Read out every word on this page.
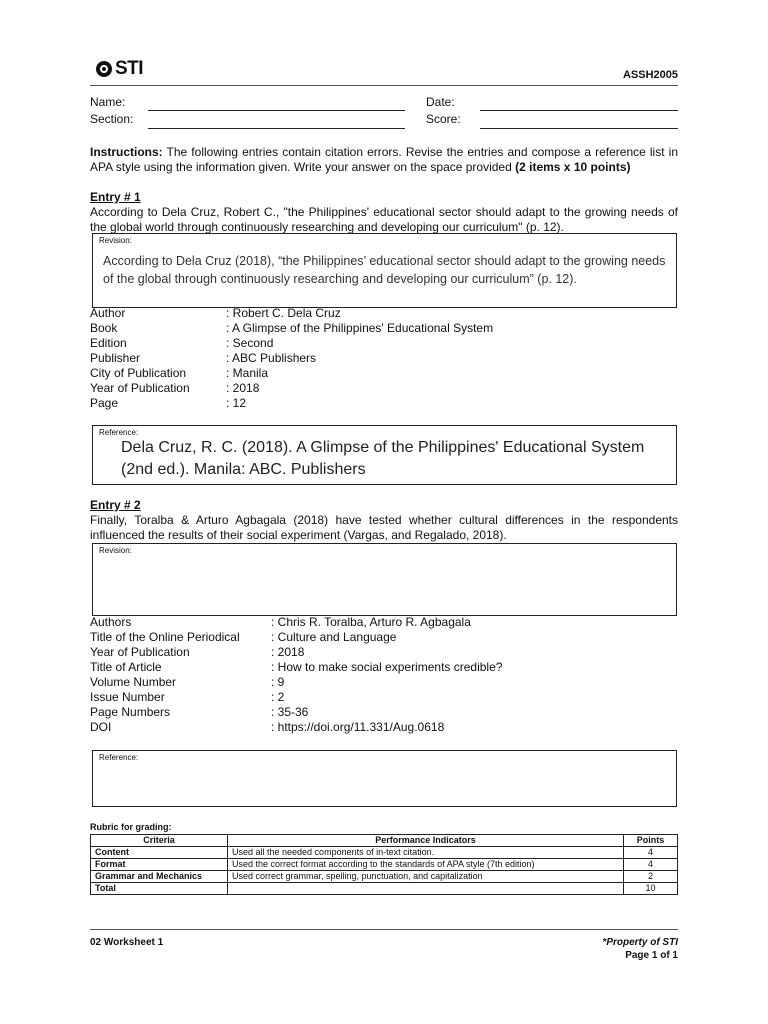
STI	ASSH2005
Name:
Section:
Date:
Score:
Instructions: The following entries contain citation errors. Revise the entries and compose a reference list in APA style using the information given. Write your answer on the space provided (2 items x 10 points)
Entry # 1
According to Dela Cruz, Robert C., "the Philippines' educational sector should adapt to the growing needs of the global world through continuously researching and developing our curriculum" (p. 12).
Revision:
According to Dela Cruz (2018), “the Philippines’ educational sector should adapt to the growing needs of the global through continuously researching and developing our curriculum” (p. 12).
Author	: Robert C. Dela Cruz
Book	: A Glimpse of the Philippines' Educational System
Edition	: Second
Publisher	: ABC Publishers
City of Publication	: Manila
Year of Publication	: 2018
Page	: 12
Reference:
Dela Cruz, R. C. (2018). A Glimpse of the Philippines' Educational System (2nd ed.). Manila: ABC. Publishers
Entry # 2
Finally, Toralba & Arturo Agbagala (2018) have tested whether cultural differences in the respondents influenced the results of their social experiment (Vargas, and Regalado, 2018).
Revision:
Authors	: Chris R. Toralba, Arturo R. Agbagala
Title of the Online Periodical	: Culture and Language
Year of Publication	: 2018
Title of Article	: How to make social experiments credible?
Volume Number	: 9
Issue Number	: 2
Page Numbers	: 35-36
DOI	: https://doi.org/11.331/Aug.0618
Reference:
Rubric for grading:
Criteria	Performance Indicators	Points
Content	Used all the needed components of in-text citation.	4
Format	Used the correct format according to the standards of APA style (7th edition)	4
Grammar and Mechanics	Used correct grammar, spelling, punctuation, and capitalization	2
Total		10
02 Worksheet 1	*Property of STI
Page 1 of 1
